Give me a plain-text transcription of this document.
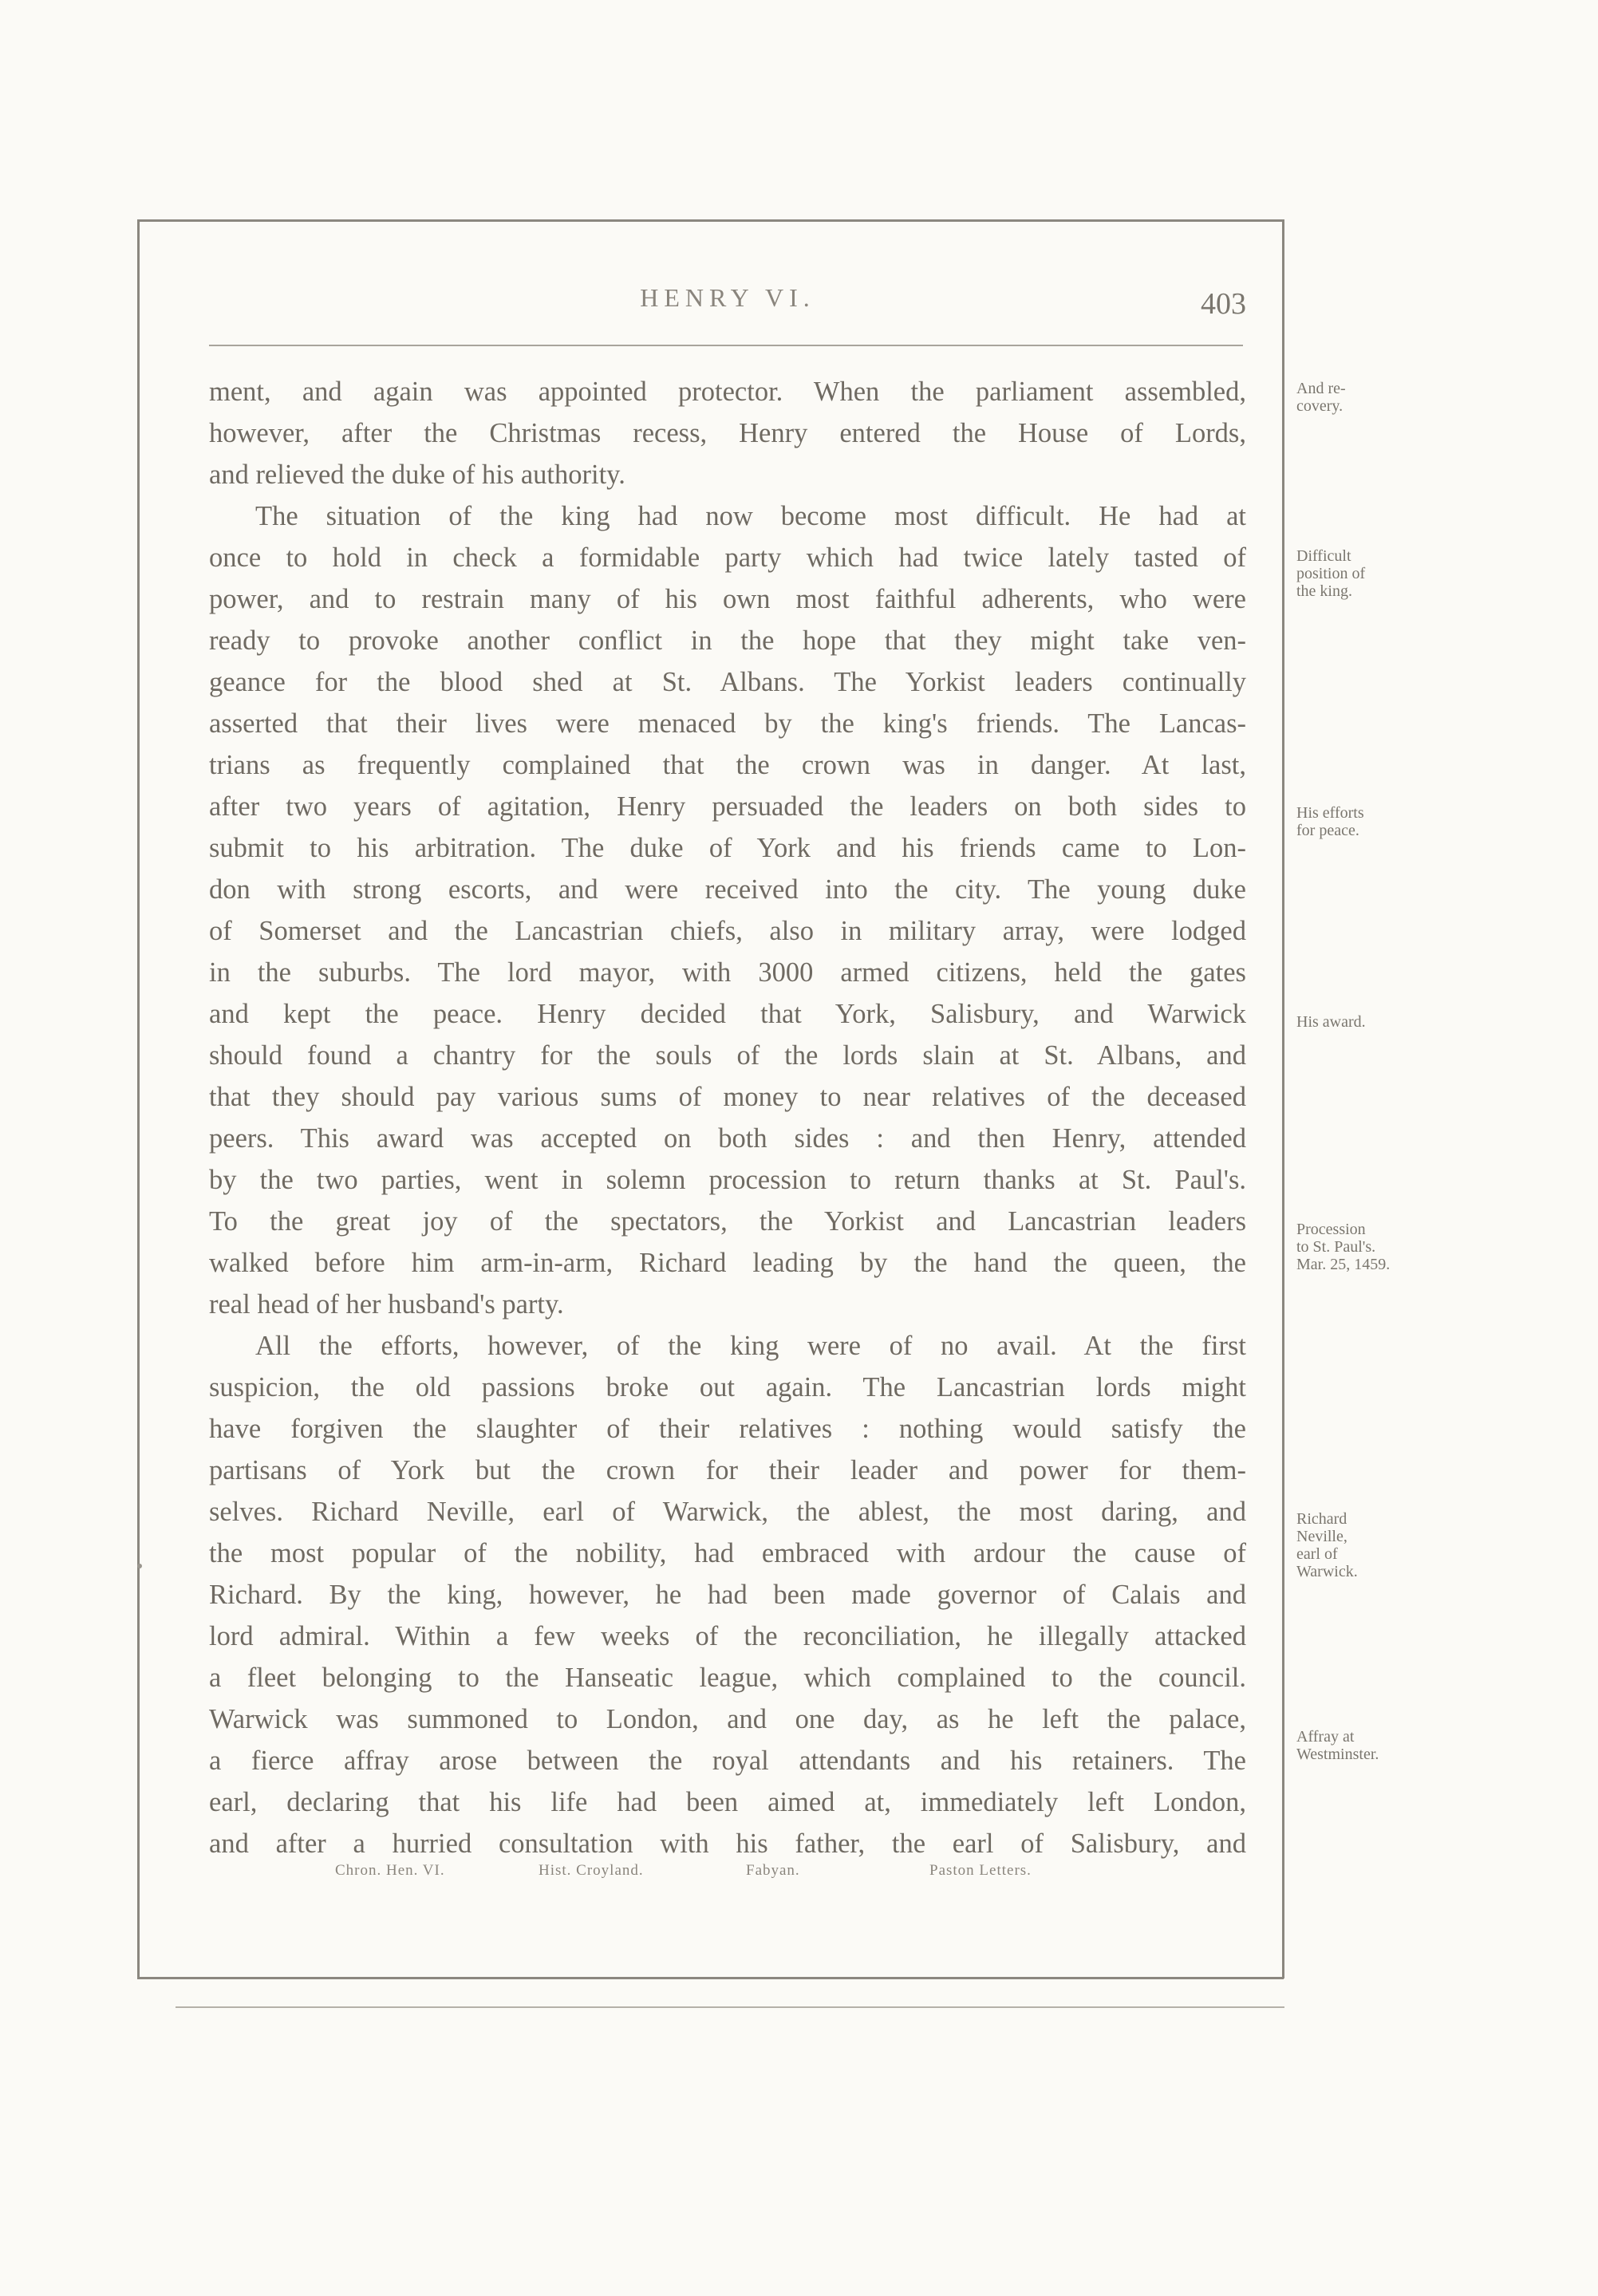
HENRY VI.	403
ment, and again was appointed protector. When the parliament assembled,
however, after the Christmas recess, Henry entered the House of Lords,
and relieved the duke of his authority.
The situation of the king had now become most difficult. He had at
once to hold in check a formidable party which had twice lately tasted of
power, and to restrain many of his own most faithful adherents, who were
ready to provoke another conflict in the hope that they might take ven-
geance for the blood shed at St. Albans. The Yorkist leaders continually
asserted that their lives were menaced by the king's friends. The Lancas-
trians as frequently complained that the crown was in danger. At last,
after two years of agitation, Henry persuaded the leaders on both sides to
submit to his arbitration. The duke of York and his friends came to Lon-
don with strong escorts, and were received into the city. The young duke
of Somerset and the Lancastrian chiefs, also in military array, were lodged
in the suburbs. The lord mayor, with 3000 armed citizens, held the gates
and kept the peace. Henry decided that York, Salisbury, and Warwick
should found a chantry for the souls of the lords slain at St. Albans, and
that they should pay various sums of money to near relatives of the deceased
peers. This award was accepted on both sides : and then Henry, attended
by the two parties, went in solemn procession to return thanks at St. Paul's.
To the great joy of the spectators, the Yorkist and Lancastrian leaders
walked before him arm-in-arm, Richard leading by the hand the queen, the
real head of her husband's party.
All the efforts, however, of the king were of no avail. At the first
suspicion, the old passions broke out again. The Lancastrian lords might
have forgiven the slaughter of their relatives : nothing would satisfy the
partisans of York but the crown for their leader and power for them-
selves. Richard Neville, earl of Warwick, the ablest, the most daring, and
the most popular of the nobility, had embraced with ardour the cause of
Richard. By the king, however, he had been made governor of Calais and
lord admiral. Within a few weeks of the reconciliation, he illegally attacked
a fleet belonging to the Hanseatic league, which complained to the council.
Warwick was summoned to London, and one day, as he left the palace,
a fierce affray arose between the royal attendants and his retainers. The
earl, declaring that his life had been aimed at, immediately left London,
and after a hurried consultation with his father, the earl of Salisbury, and
And re-
covery.
Difficult
position of
the king.
His efforts
for peace.
His award.
Procession
to St. Paul's.
Mar. 25, 1459.
Richard
Neville,
earl of
Warwick.
Affray at
Westminster.
Chron. Hen. VI.	Hist. Croyland.	Fabyan.	Paston Letters.
